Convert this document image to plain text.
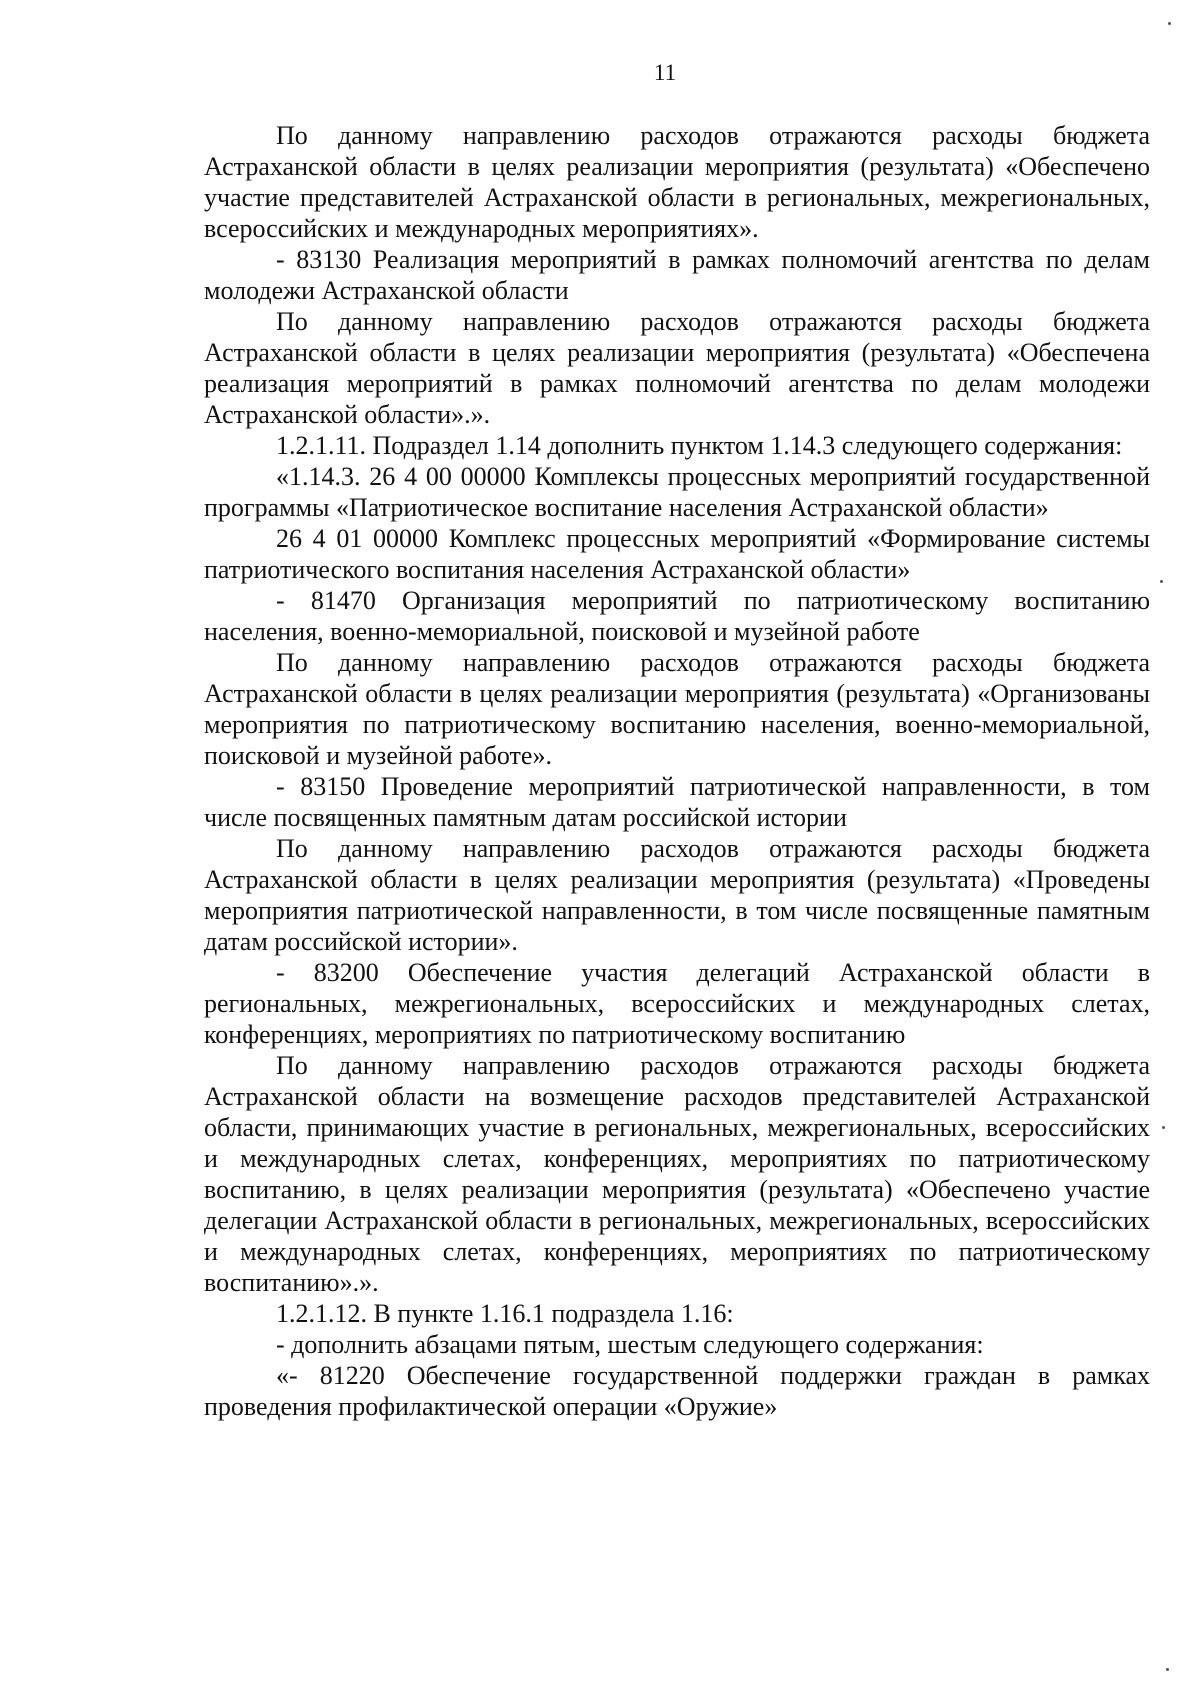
11

По данному направлению расходов отражаются расходы бюджета Астраханской области в целях реализации мероприятия (результата) «Обеспечено участие представителей Астраханской области в региональных, межрегиональных, всероссийских и международных мероприятиях».

- 83130 Реализация мероприятий в рамках полномочий агентства по делам молодежи Астраханской области

По данному направлению расходов отражаются расходы бюджета Астраханской области в целях реализации мероприятия (результата) «Обеспечена реализация мероприятий в рамках полномочий агентства по делам молодежи Астраханской области».».

1.2.1.11. Подраздел 1.14 дополнить пунктом 1.14.3 следующего содержания:

«1.14.3. 26 4 00 00000 Комплексы процессных мероприятий государственной программы «Патриотическое воспитание населения Астраханской области»

26 4 01 00000 Комплекс процессных мероприятий «Формирование системы патриотического воспитания населения Астраханской области»

- 81470 Организация мероприятий по патриотическому воспитанию населения, военно-мемориальной, поисковой и музейной работе

По данному направлению расходов отражаются расходы бюджета Астраханской области в целях реализации мероприятия (результата) «Организованы мероприятия по патриотическому воспитанию населения, военно-мемориальной, поисковой и музейной работе».

- 83150 Проведение мероприятий патриотической направленности, в том числе посвященных памятным датам российской истории

По данному направлению расходов отражаются расходы бюджета Астраханской области в целях реализации мероприятия (результата) «Проведены мероприятия патриотической направленности, в том числе посвященные памятным датам российской истории».

- 83200 Обеспечение участия делегаций Астраханской области в региональных, межрегиональных, всероссийских и международных слетах, конференциях, мероприятиях по патриотическому воспитанию

По данному направлению расходов отражаются расходы бюджета Астраханской области на возмещение расходов представителей Астраханской области, принимающих участие в региональных, межрегиональных, всероссийских и международных слетах, конференциях, мероприятиях по патриотическому воспитанию, в целях реализации мероприятия (результата) «Обеспечено участие делегации Астраханской области в региональных, межрегиональных, всероссийских и международных слетах, конференциях, мероприятиях по патриотическому воспитанию».».

1.2.1.12. В пункте 1.16.1 подраздела 1.16:

- дополнить абзацами пятым, шестым следующего содержания:

«- 81220 Обеспечение государственной поддержки граждан в рамках проведения профилактической операции «Оружие»
